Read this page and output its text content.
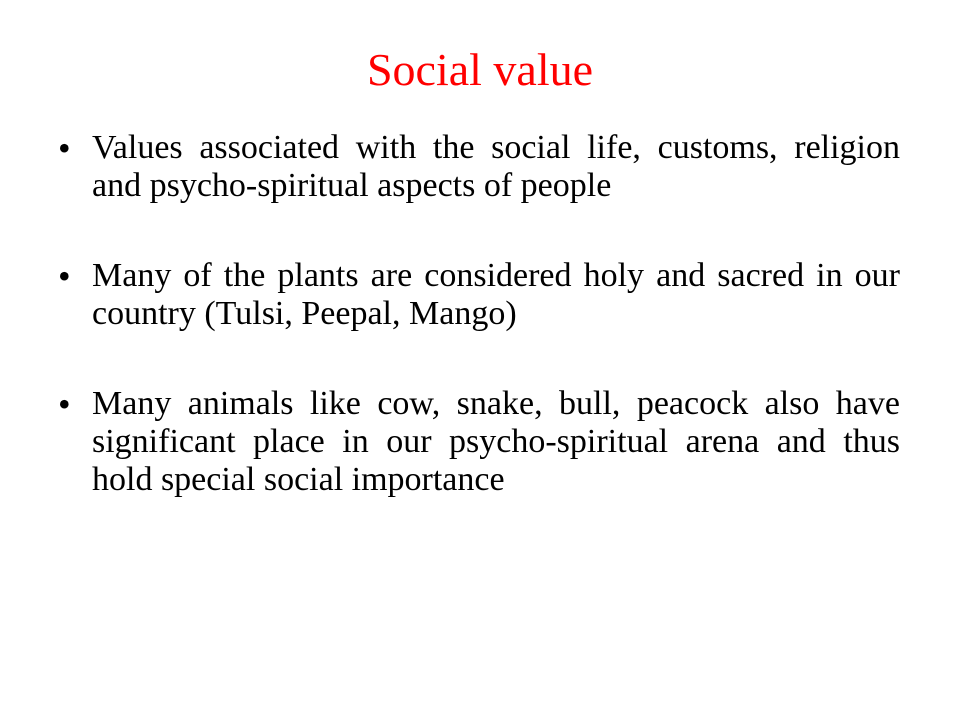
Social value
• Values associated with the social life, customs, religion and psycho-spiritual aspects of people
• Many of the plants are considered holy and sacred in our country (Tulsi, Peepal, Mango)
• Many animals like cow, snake, bull, peacock also have significant place in our psycho-spiritual arena and thus hold special social importance
